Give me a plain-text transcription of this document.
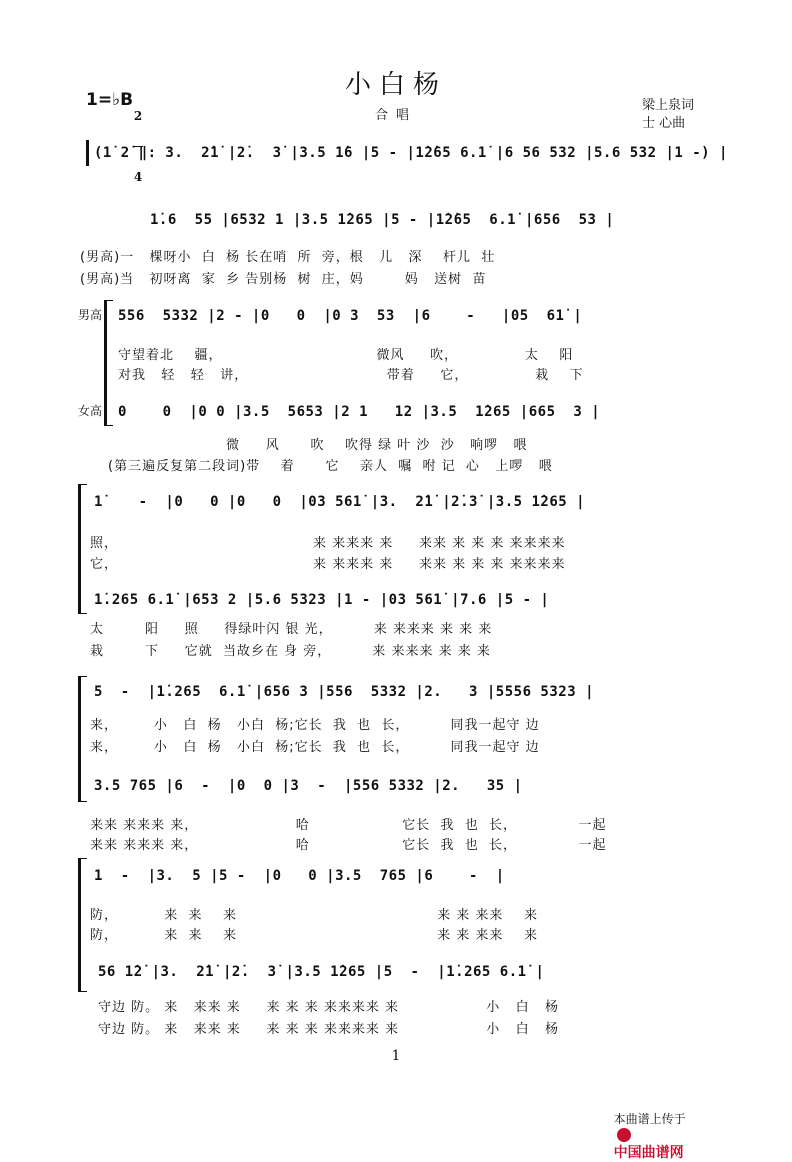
小白杨
合唱
1=♭B

2

4

梁上泉词
士 心曲
(1̇ 2̇ ‖: 3.  2̇1̇ |2̇.  3̇ |3.5 1̇6 |5 - |1̇2̇65 6.1̇ |6 56 532 |5.6 532 |1 -) |
1̇.6  55 |6532 1 |3.5 1̇265 |5 - |1̇2̇65  6.1̇ |656  53 |
(男高)一   棵呀小  白  杨 长在哨  所  旁，根   儿   深    杆儿  壮
(男高)当   初呀离  家  乡 告别杨  树  庄，妈        妈   送树  苗
男高 556  5332 |2 - |0   0  |0 3  53  |6    -   |05  61̇ |
守望着北    疆，                              微风     吹，             太    阳
对我   轻   轻   讲，                           带着     它，             栽    下
女高 0    0  |0 0 |3.5  5653 |2 1   12 |3.5  1̇265 |665  3 |
微     风      吹    吹得 绿 叶 沙  沙   响啰   喂
(第三遍反复第二段词)带    着      它    亲人  嘱  咐 记  心   上啰   喂
1̇    -  |0   0 |0   0  |03 561̇ |3.  2̇1̇ |2̇.3̇ |3.5 1̇265 |
照，                                      来 来来来 来     来来 来 来 来 来来来来
它，                                      来 来来来 来     来来 来 来 来 来来来来
1̇.265 6.1̇ |653 2 |5.6 5323 |1 - |03 561̇ |7.6 |5 - |
太        阳     照     得绿叶闪 银 光，        来 来来来 来 来 来
栽        下     它就  当故乡在 身 旁，        来 来来来 来 来 来
5  -  |1̇.265  6.1̇ |656 3 |556  5332 |2.   3 |5556 5323 |
来，       小   白  杨   小白  杨;它长  我  也  长，        同我一起守 边
来，       小   白  杨   小白  杨;它长  我  也  长，        同我一起守 边
3.5 765 |6  -  |0  0 |3  -  |556 5332 |2.   35 |
来来 来来来 来，                   哈                  它长  我  也  长，            一起
来来 来来来 来，                   哈                  它长  我  也  长，            一起
1  -  |3.  5 |5 -  |0   0 |3.5  765 |6    -  |
防，         来  来    来                                       来 来 来来    来
防，         来  来    来                                       来 来 来来    来
56 1̇2̇ |3.  2̇1̇ |2̇.  3̇ |3.5 1̇265 |5  -  |1̇.265 6.1̇ |
守边 防。 来   来来 来     来 来 来 来来来来 来                 小   白   杨
守边 防。 来   来来 来     来 来 来 来来来来 来                 小   白   杨
1

本曲谱上传于

中国曲谱网
